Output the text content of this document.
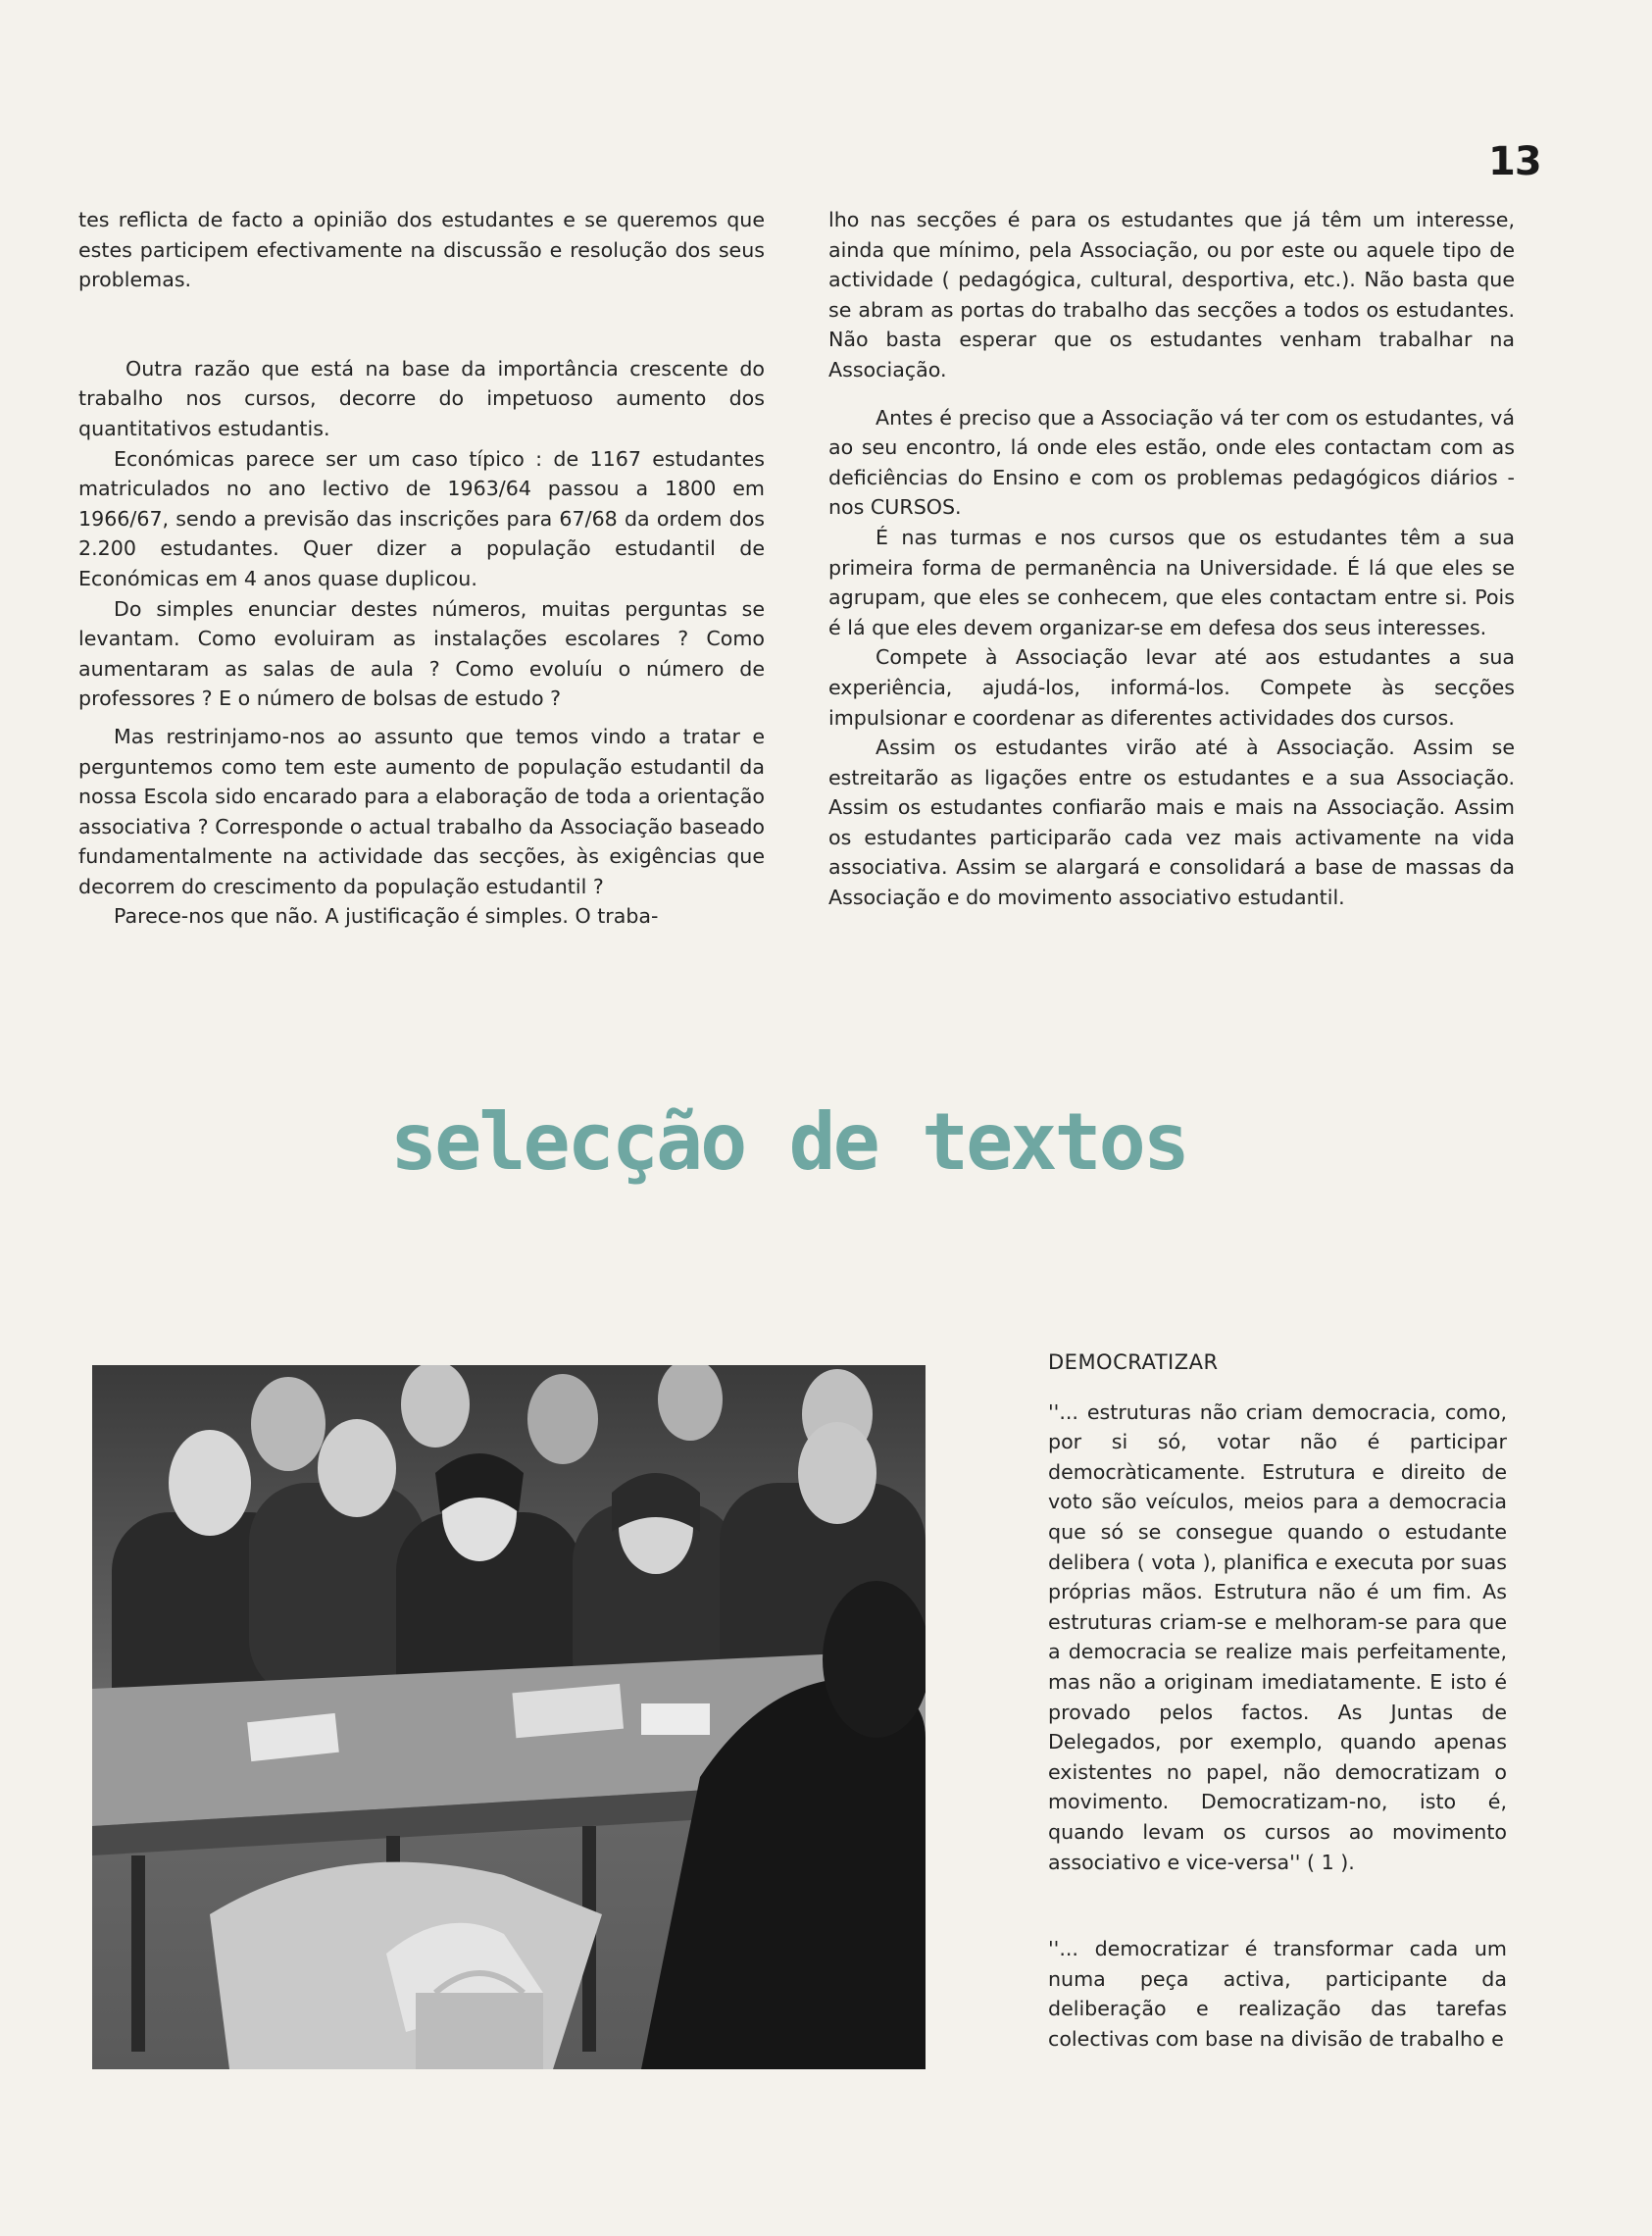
13

tes reflicta de facto a opinião dos estudantes e se queremos que estes participem efectivamente na discussão e resolução dos seus problemas.

Outra razão que está na base da importância crescente do trabalho nos cursos, decorre do impetuoso aumento dos quantitativos estudantis.

Económicas parece ser um caso típico : de 1167 estudantes matriculados no ano lectivo de 1963/64 passou a 1800 em 1966/67, sendo a previsão das inscrições para 67/68 da ordem dos 2.200 estudantes. Quer dizer a população estudantil de Económicas em 4 anos quase duplicou.

Do simples enunciar destes números, muitas perguntas se levantam. Como evoluiram as instalações escolares ? Como aumentaram as salas de aula ? Como evoluíu o número de professores ? E o número de bolsas de estudo ?

Mas restrinjamo-nos ao assunto que temos vindo a tratar e perguntemos como tem este aumento de população estudantil da nossa Escola sido encarado para a elaboração de toda a orientação associativa ? Corresponde o actual trabalho da Associação baseado fundamentalmente na actividade das secções, às exigências que decorrem do crescimento da população estudantil ?

Parece-nos que não. A justificação é simples. O traba-

lho nas secções é para os estudantes que já têm um interesse, ainda que mínimo, pela Associação, ou por este ou aquele tipo de actividade ( pedagógica, cultural, desportiva, etc.). Não basta que se abram as portas do trabalho das secções a todos os estudantes. Não basta esperar que os estudantes venham trabalhar na Associação.

Antes é preciso que a Associação vá ter com os estudantes, vá ao seu encontro, lá onde eles estão, onde eles contactam com as deficiências do Ensino e com os problemas pedagógicos diários - nos CURSOS.

É nas turmas e nos cursos que os estudantes têm a sua primeira forma de permanência na Universidade. É lá que eles se agrupam, que eles se conhecem, que eles contactam entre si. Pois é lá que eles devem organizar-se em defesa dos seus interesses.

Compete à Associação levar até aos estudantes a sua experiência, ajudá-los, informá-los. Compete às secções impulsionar e coordenar as diferentes actividades dos cursos.

Assim os estudantes virão até à Associação. Assim se estreitarão as ligações entre os estudantes e a sua Associação. Assim os estudantes confiarão mais e mais na Associação. Assim os estudantes participarão cada vez mais activamente na vida associativa. Assim se alargará e consolidará a base de massas da Associação e do movimento associativo estudantil.

selecção de textos

DEMOCRATIZAR

''... estruturas não criam democracia, como, por si só, votar não é participar democràticamente. Estrutura e direito de voto são veículos, meios para a democracia que só se consegue quando o estudante delibera ( vota ), planifica e executa por suas próprias mãos. Estrutura não é um fim. As estruturas criam-se e melhoram-se para que a democracia se realize mais perfeitamente, mas não a originam imediatamente. E isto é provado pelos factos. As Juntas de Delegados, por exemplo, quando apenas existentes no papel, não democratizam o movimento. Democratizam-no, isto é, quando levam os cursos ao movimento associativo e vice-versa'' ( 1 ).

''... democratizar é transformar cada um numa peça activa, participante da deliberação e realização das tarefas colectivas com base na divisão de trabalho e
